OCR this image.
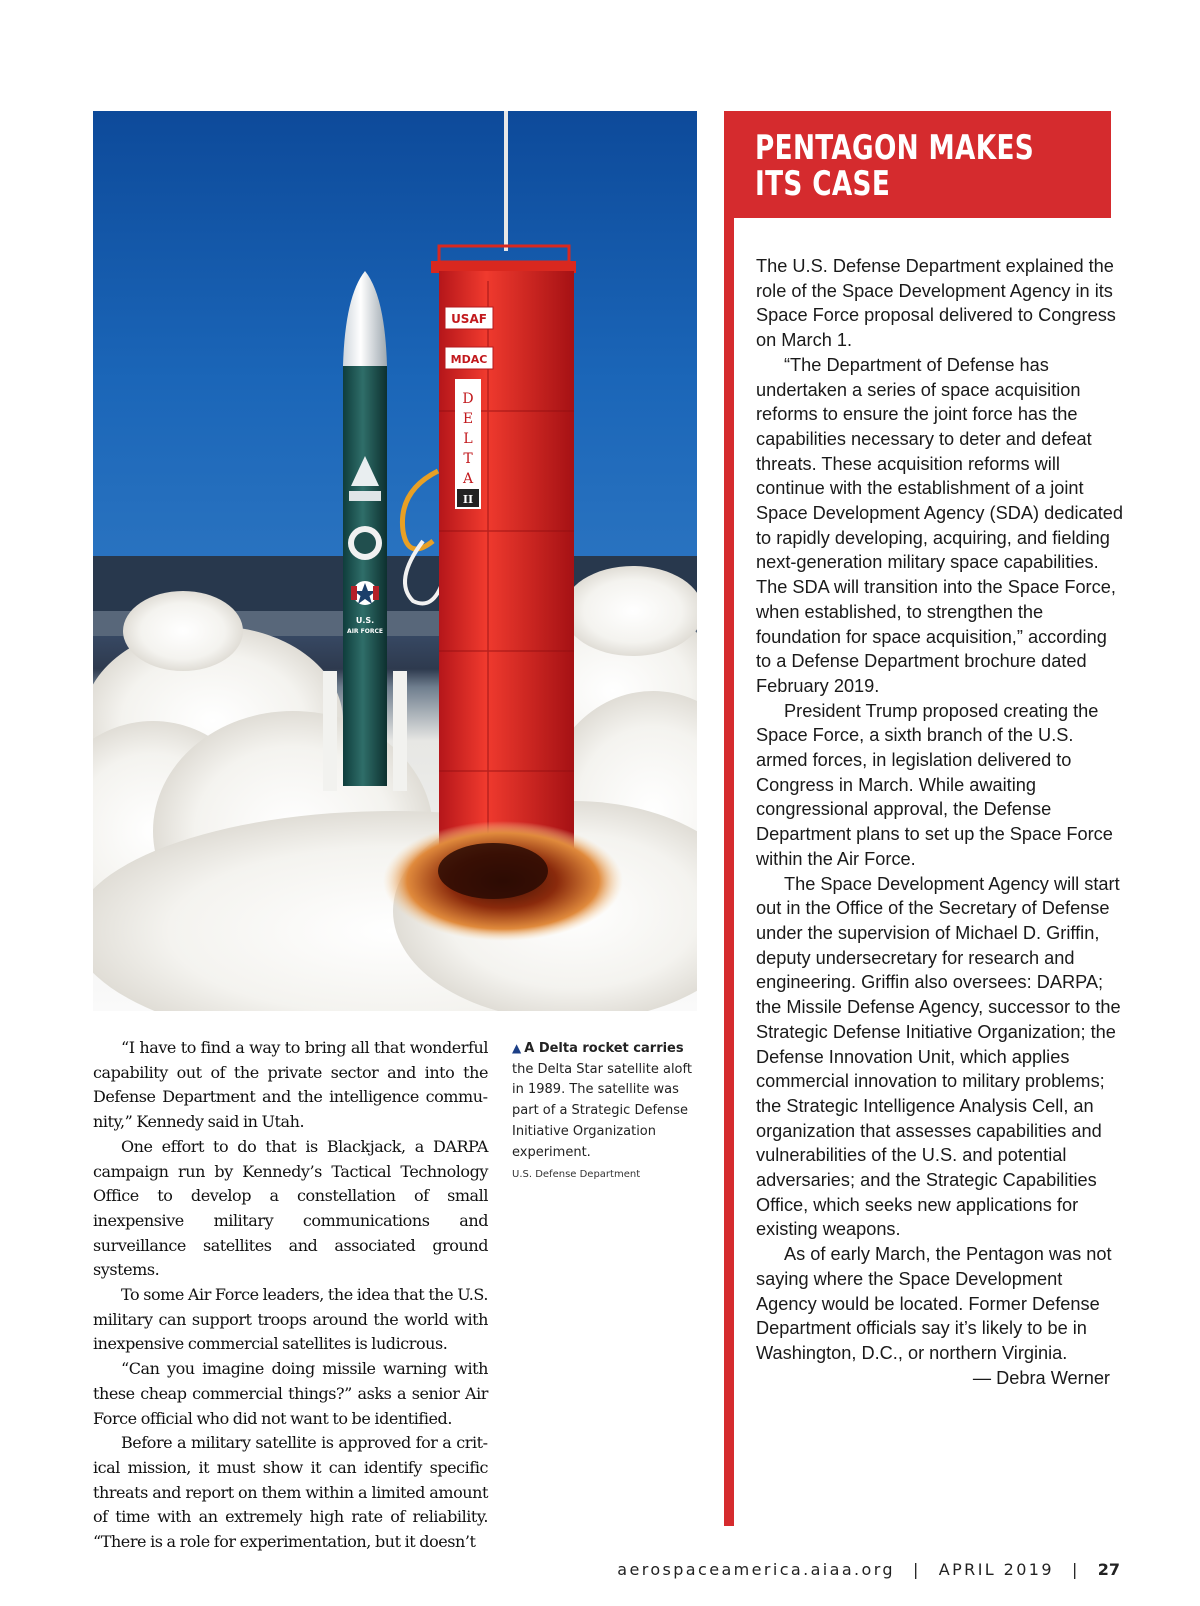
U.S.
AIR FORCE
USAF
MDAC
D
E
L
T
A
II
▲ A Delta rocket carries the Delta Star satellite aloft in 1989. The satellite was part of a Strategic Defense Initiative Organization experiment.
U.S. Defense Department

“I have to find a way to bring all that wonderful capability out of the private sector and into the Defense Department and the intelligence community,” Kennedy said in Utah.

One effort to do that is Blackjack, a DARPA campaign run by Kennedy’s Tactical Technology Office to develop a constellation of small inexpensive military communications and surveillance satellites and associated ground systems.

To some Air Force leaders, the idea that the U.S. military can support troops around the world with inexpensive commercial satellites is ludicrous.

“Can you imagine doing missile warning with these cheap commercial things?” asks a senior Air Force official who did not want to be identified.

Before a military satellite is approved for a critical mission, it must show it can identify specific threats and report on them within a limited amount of time with an extremely high rate of reliability. “There is a role for experimentation, but it doesn’t

PENTAGON MAKES
ITS CASE

The U.S. Defense Department explained the role of the Space Development Agency in its Space Force proposal delivered to Congress on March 1.

“The Department of Defense has undertaken a series of space acquisition reforms to ensure the joint force has the capabilities necessary to deter and defeat threats. These acquisition reforms will continue with the establishment of a joint Space Development Agency (SDA) dedicated to rapidly developing, acquiring, and fielding next-generation military space capabilities. The SDA will transition into the Space Force, when established, to strengthen the foundation for space acquisition,” according to a Defense Department brochure dated February 2019.

President Trump proposed creating the Space Force, a sixth branch of the U.S. armed forces, in legislation delivered to Congress in March. While awaiting congressional approval, the Defense Department plans to set up the Space Force within the Air Force.

The Space Development Agency will start out in the Office of the Secretary of Defense under the supervision of Michael D. Griffin, deputy undersecretary for research and engineering. Griffin also oversees: DARPA; the Missile Defense Agency, successor to the Strategic Defense Initiative Organization; the Defense Innovation Unit, which applies commercial innovation to military problems; the Strategic Intelligence Analysis Cell, an organization that assesses capabilities and vulnerabilities of the U.S. and potential adversaries; and the Strategic Capabilities Office, which seeks new applications for existing weapons.

As of early March, the Pentagon was not saying where the Space Development Agency would be located. Former Defense Department officials say it’s likely to be in Washington, D.C., or northern Virginia.

— Debra Werner

aerospaceamerica.aiaa.org | APRIL 2019 | 27
